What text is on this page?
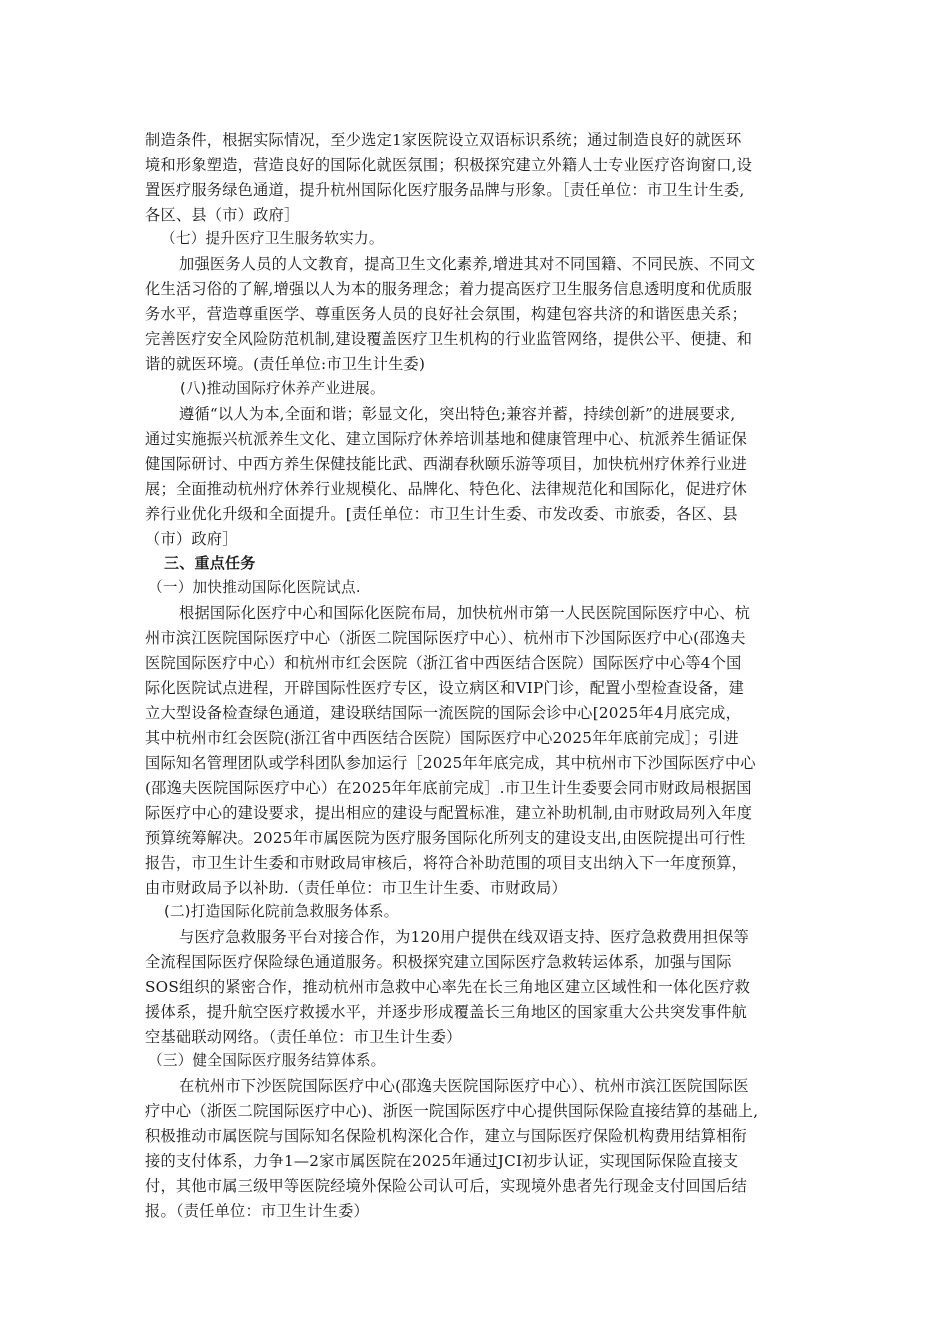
制造条件，根据实际情况，至少选定1家医院设立双语标识系统；通过制造良好的就医环
境和形象塑造，营造良好的国际化就医氛围；积极探究建立外籍人士专业医疗咨询窗口,设
置医疗服务绿色通道，提升杭州国际化医疗服务品牌与形象。［责任单位：市卫生计生委,
各区、县（市）政府］
（七）提升医疗卫生服务软实力。
加强医务人员的人文教育，提高卫生文化素养,增进其对不同国籍、不同民族、不同文
化生活习俗的了解,增强以人为本的服务理念；着力提高医疗卫生服务信息透明度和优质服
务水平，营造尊重医学、尊重医务人员的良好社会氛围，构建包容共济的和谐医患关系；
完善医疗安全风险防范机制,建设覆盖医疗卫生机构的行业监管网络，提供公平、便捷、和
谐的就医环境。(责任单位:市卫生计生委)
(八)推动国际疗休养产业进展。
遵循“以人为本,全面和谐；彰显文化，突出特色;兼容并蓄，持续创新”的进展要求,
通过实施振兴杭派养生文化、建立国际疗休养培训基地和健康管理中心、杭派养生循证保
健国际研讨、中西方养生保健技能比武、西湖春秋颐乐游等项目，加快杭州疗休养行业进
展；全面推动杭州疗休养行业规模化、品牌化、特色化、法律规范化和国际化，促进疗休
养行业优化升级和全面提升。[责任单位：市卫生计生委、市发改委、市旅委，各区、县
（市）政府］
三、重点任务
（一）加快推动国际化医院试点.
根据国际化医疗中心和国际化医院布局，加快杭州市第一人民医院国际医疗中心、杭
州市滨江医院国际医疗中心（浙医二院国际医疗中心）、杭州市下沙国际医疗中心(邵逸夫
医院国际医疗中心）和杭州市红会医院（浙江省中西医结合医院）国际医疗中心等4个国
际化医院试点进程，开辟国际性医疗专区，设立病区和VIP门诊，配置小型检查设备，建
立大型设备检查绿色通道，建设联结国际一流医院的国际会诊中心[2025年4月底完成，
其中杭州市红会医院(浙江省中西医结合医院）国际医疗中心2025年年底前完成］；引进
国际知名管理团队或学科团队参加运行［2025年年底完成，其中杭州市下沙国际医疗中心
(邵逸夫医院国际医疗中心）在2025年年底前完成］.市卫生计生委要会同市财政局根据国
际医疗中心的建设要求，提出相应的建设与配置标准，建立补助机制,由市财政局列入年度
预算统筹解决。2025年市属医院为医疗服务国际化所列支的建设支出,由医院提出可行性
报告，市卫生计生委和市财政局审核后，将符合补助范围的项目支出纳入下一年度预算，
由市财政局予以补助.（责任单位：市卫生计生委、市财政局）
(二)打造国际化院前急救服务体系。
与医疗急救服务平台对接合作，为120用户提供在线双语支持、医疗急救费用担保等
全流程国际医疗保险绿色通道服务。积极探究建立国际医疗急救转运体系，加强与国际
SOS组织的紧密合作，推动杭州市急救中心率先在长三角地区建立区域性和一体化医疗救
援体系，提升航空医疗救援水平，并逐步形成覆盖长三角地区的国家重大公共突发事件航
空基础联动网络。（责任单位：市卫生计生委）
（三）健全国际医疗服务结算体系。
在杭州市下沙医院国际医疗中心(邵逸夫医院国际医疗中心）、杭州市滨江医院国际医
疗中心（浙医二院国际医疗中心)、浙医一院国际医疗中心提供国际保险直接结算的基础上,
积极推动市属医院与国际知名保险机构深化合作，建立与国际医疗保险机构费用结算相衔
接的支付体系，力争1—2家市属医院在2025年通过JCI初步认证，实现国际保险直接支
付，其他市属三级甲等医院经境外保险公司认可后，实现境外患者先行现金支付回国后结
报。（责任单位：市卫生计生委）
